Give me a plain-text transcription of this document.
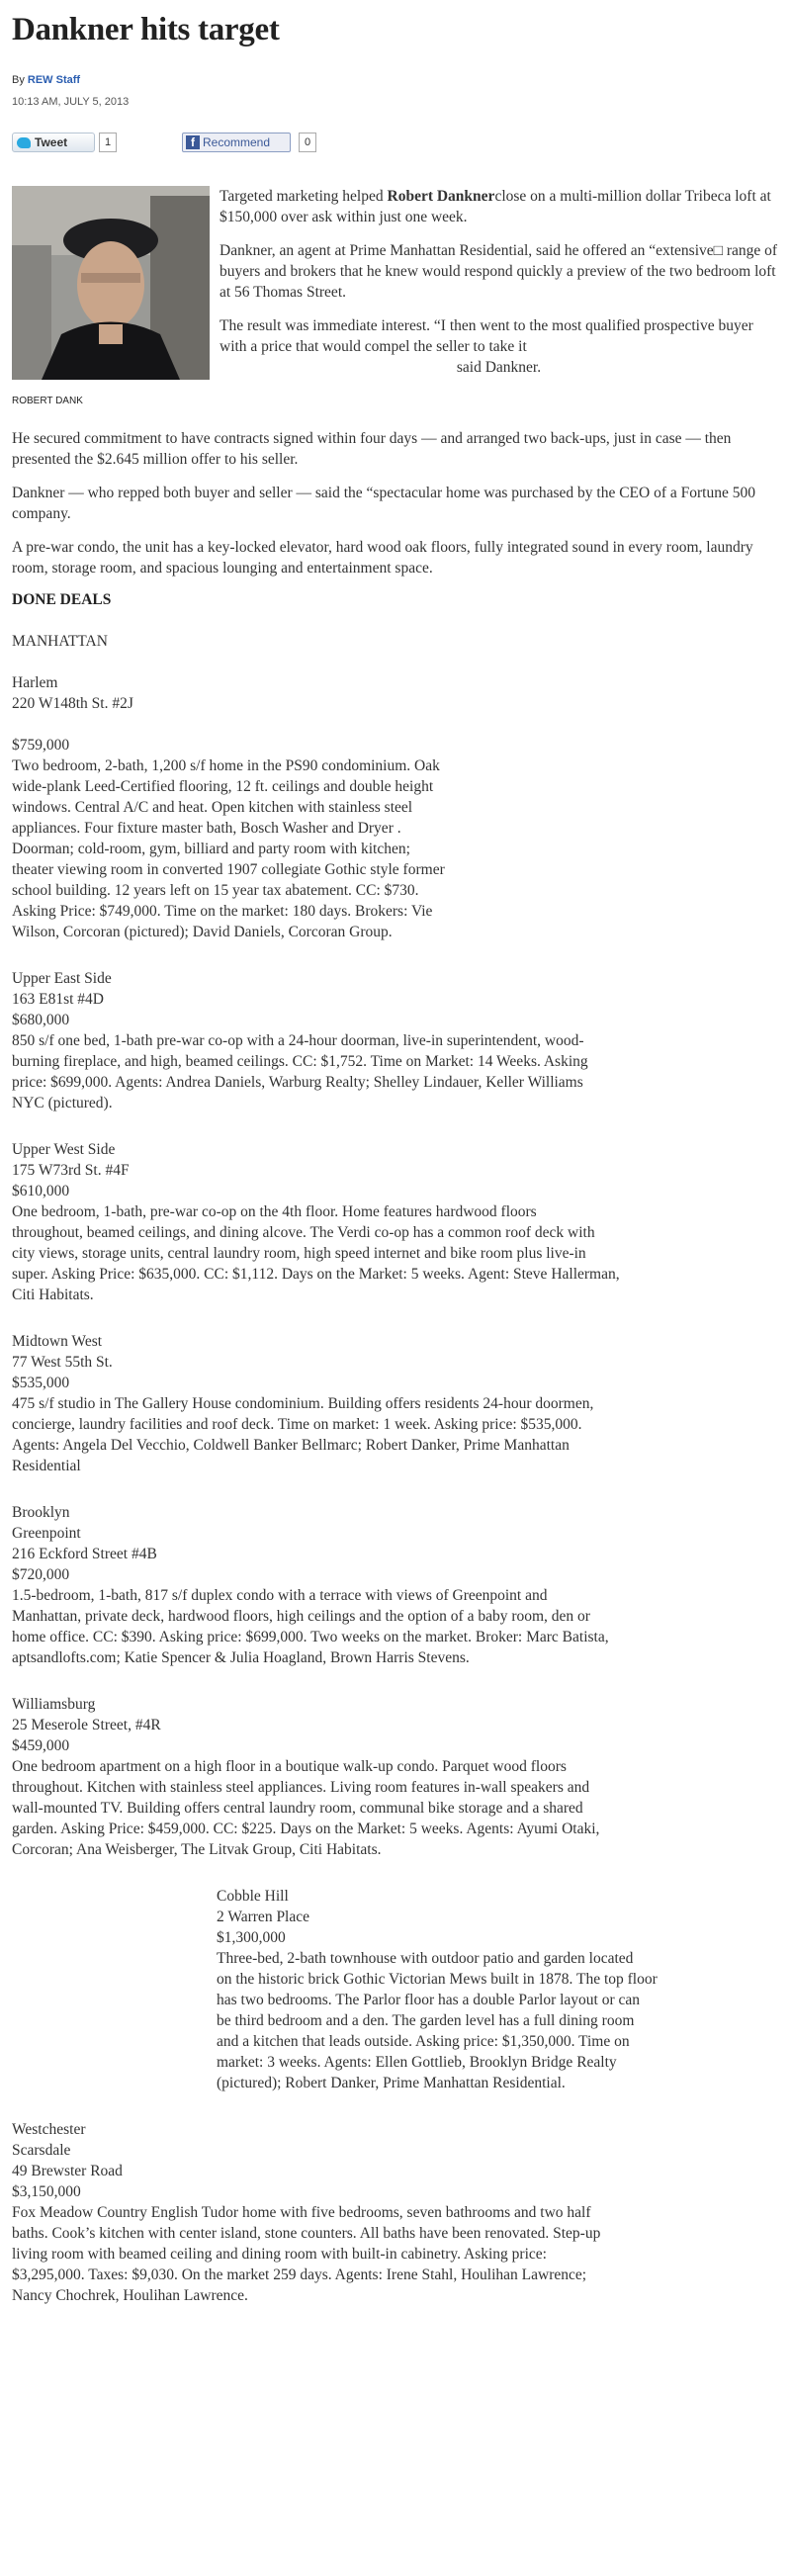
Dankner hits target
By REW Staff
10:13 AM, JULY 5, 2013
Tweet	1	f Recommend	0
ROBERT DANK

Targeted marketing helped Robert Danknerclose on a multi-million dollar Tribeca loft at $150,000 over ask within just one week.

Dankner, an agent at Prime Manhattan Residential, said he offered an “extensive□ range of buyers and brokers that he knew would respond quickly a preview of the two bedroom loft at 56 Thomas Street.

The result was immediate interest. “I then went to the most qualified prospective buyer with a price that would compel the seller to take it

said Dankner.

He secured commitment to have contracts signed within four days — and arranged two back-ups, just in case — then presented the $2.645 million offer to his seller.

Dankner — who repped both buyer and seller — said the “spectacular home was purchased by the CEO of a Fortune 500 company.

A pre-war condo, the unit has a key-locked elevator, hard wood oak floors, fully integrated sound in every room, laundry room, storage room, and spacious lounging and entertainment space.

DONE DEALS
MANHATTAN
Harlem
220 W148th St. #2J
$759,000
Two bedroom, 2-bath, 1,200 s/f home in the PS90 condominium. Oak
wide-plank Leed-Certified flooring, 12 ft. ceilings and double height
windows. Central A/C and heat. Open kitchen with stainless steel
appliances. Four fixture master bath, Bosch Washer and Dryer .
Doorman; cold-room, gym, billiard and party room with kitchen;
theater viewing room in converted 1907 collegiate Gothic style former
school building. 12 years left on 15 year tax abatement. CC: $730.
Asking Price: $749,000. Time on the market: 180 days. Brokers: Vie
Wilson, Corcoran (pictured); David Daniels, Corcoran Group.
Upper East Side
163 E81st #4D
$680,000
850 s/f one bed, 1-bath pre-war co-op with a 24-hour doorman, live-in superintendent, wood-
burning fireplace, and high, beamed ceilings. CC: $1,752. Time on Market: 14 Weeks. Asking
price: $699,000. Agents: Andrea Daniels, Warburg Realty; Shelley Lindauer, Keller Williams
NYC (pictured).
Upper West Side
175 W73rd St. #4F
$610,000
One bedroom, 1-bath, pre-war co-op on the 4th floor. Home features hardwood floors
throughout, beamed ceilings, and dining alcove. The Verdi co-op has a common roof deck with
city views, storage units, central laundry room, high speed internet and bike room plus live-in
super. Asking Price: $635,000. CC: $1,112. Days on the Market: 5 weeks. Agent: Steve Hallerman,
Citi Habitats.
Midtown West
77 West 55th St.
$535,000
475 s/f studio in The Gallery House condominium. Building offers residents 24-hour doormen,
concierge, laundry facilities and roof deck. Time on market: 1 week. Asking price: $535,000.
Agents: Angela Del Vecchio, Coldwell Banker Bellmarc; Robert Danker, Prime Manhattan
Residential
Brooklyn
Greenpoint
216 Eckford Street #4B
$720,000
1.5-bedroom, 1-bath, 817 s/f duplex condo with a terrace with views of Greenpoint and
Manhattan, private deck, hardwood floors, high ceilings and the option of a baby room, den or
home office. CC: $390. Asking price: $699,000. Two weeks on the market. Broker: Marc Batista,
aptsandlofts.com; Katie Spencer & Julia Hoagland, Brown Harris Stevens.
Williamsburg
25 Meserole Street, #4R
$459,000
One bedroom apartment on a high floor in a boutique walk-up condo. Parquet wood floors
throughout. Kitchen with stainless steel appliances. Living room features in-wall speakers and
wall-mounted TV. Building offers central laundry room, communal bike storage and a shared
garden. Asking Price: $459,000. CC: $225. Days on the Market: 5 weeks. Agents: Ayumi Otaki,
Corcoran; Ana Weisberger, The Litvak Group, Citi Habitats.
Cobble Hill
2 Warren Place
$1,300,000
Three-bed, 2-bath townhouse with outdoor patio and garden located
on the historic brick Gothic Victorian Mews built in 1878. The top floor
has two bedrooms. The Parlor floor has a double Parlor layout or can
be third bedroom and a den. The garden level has a full dining room
and a kitchen that leads outside. Asking price: $1,350,000. Time on
market: 3 weeks. Agents: Ellen Gottlieb, Brooklyn Bridge Realty
(pictured); Robert Danker, Prime Manhattan Residential.
Westchester
Scarsdale
49 Brewster Road
$3,150,000
Fox Meadow Country English Tudor home with five bedrooms, seven bathrooms and two half
baths. Cook’s kitchen with center island, stone counters. All baths have been renovated. Step-up
living room with beamed ceiling and dining room with built-in cabinetry. Asking price:
$3,295,000. Taxes: $9,030. On the market 259 days. Agents: Irene Stahl, Houlihan Lawrence;
Nancy Chochrek, Houlihan Lawrence.
